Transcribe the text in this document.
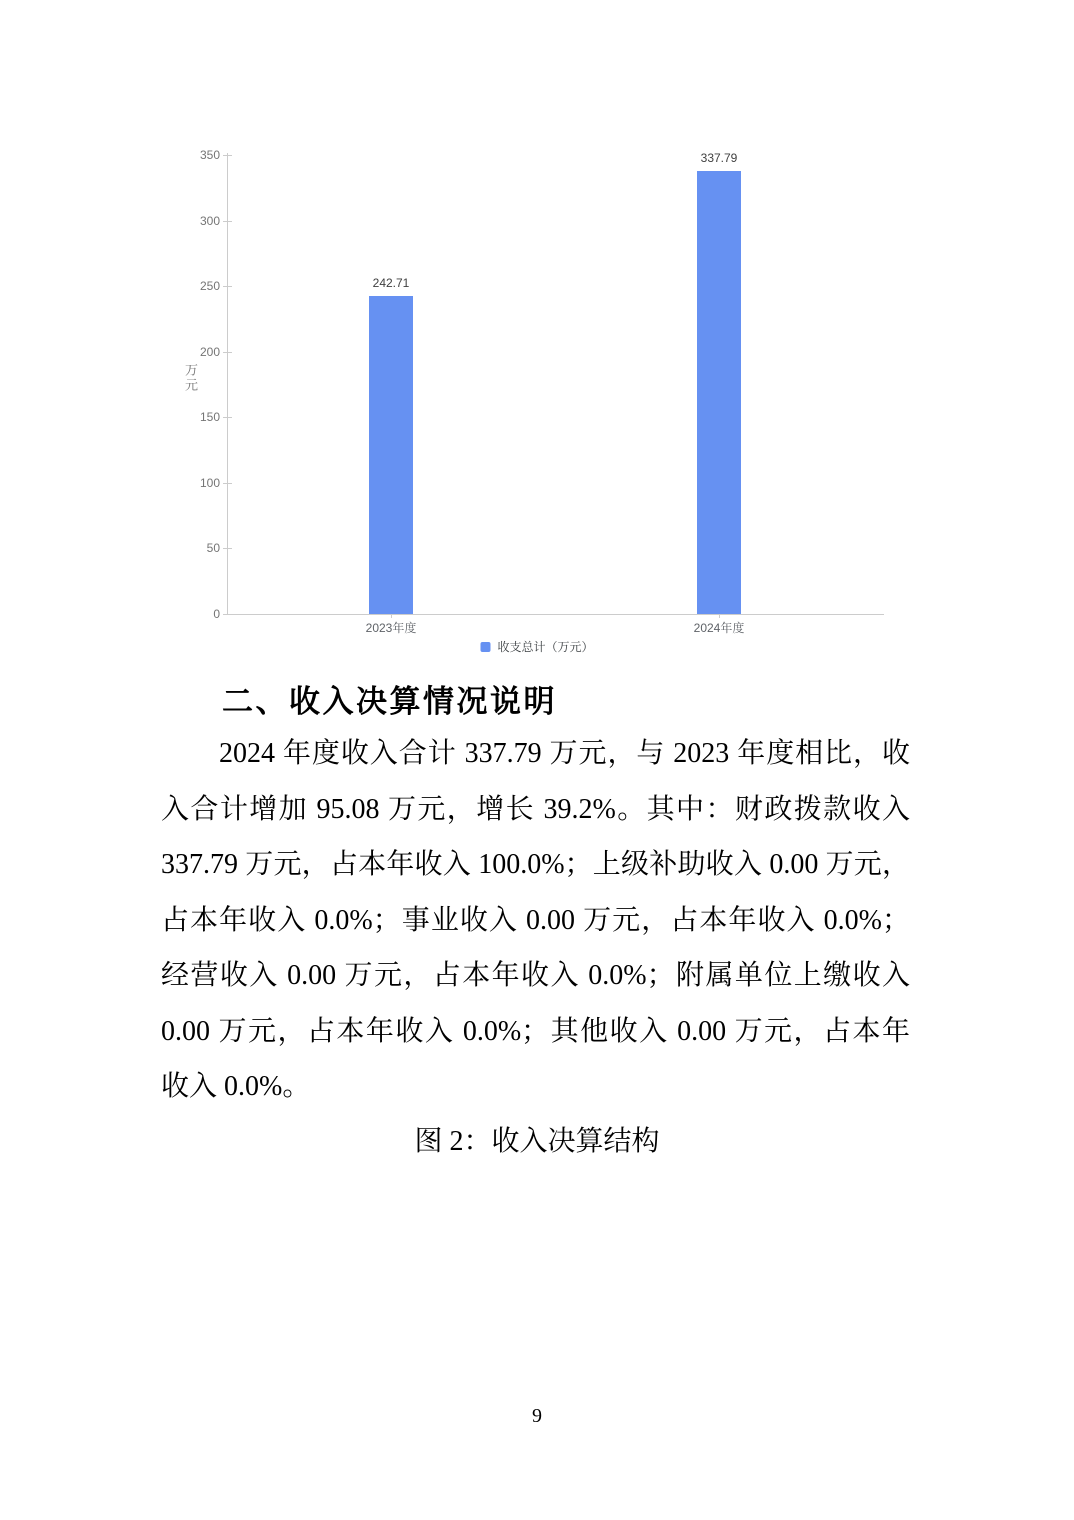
0
50
100
150
200
250
300
350
万元
242.71
2023年度
337.79
2024年度
收支总计（万元）
二、收入决算情况说明
2024 年度收入合计 337.79 万元，与 2023 年度相比，收
入合计增加 95.08 万元，增长 39.2%。其中：财政拨款收入
337.79 万元，占本年收入 100.0%；上级补助收入 0.00 万元，
占本年收入 0.0%；事业收入 0.00 万元，占本年收入 0.0%；
经营收入 0.00 万元，占本年收入 0.0%；附属单位上缴收入
0.00 万元，占本年收入 0.0%；其他收入 0.00 万元，占本年
收入 0.0%。
图 2：收入决算结构
9
